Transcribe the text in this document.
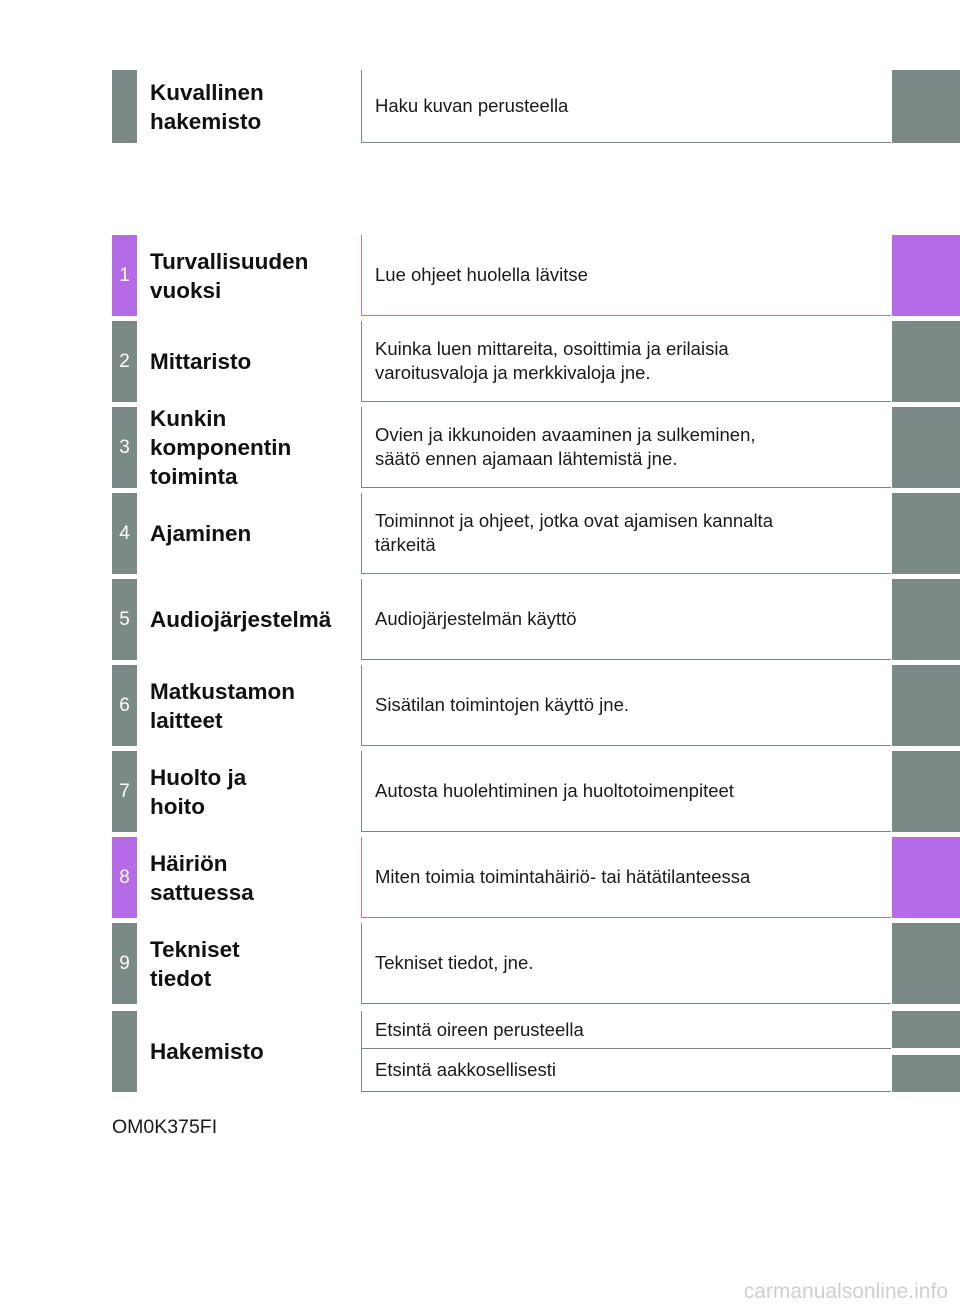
Kuvallinen
hakemisto
Haku kuvan perusteella
1
Turvallisuuden
vuoksi
Lue ohjeet huolella lävitse
2 Mittaristo
Kuinka luen mittareita, osoittimia ja erilaisia
varoitusvaloja ja merkkivaloja jne.
3
Kunkin
komponentin
toiminta
Ovien ja ikkunoiden avaaminen ja sulkeminen,
säätö ennen ajamaan lähtemistä jne.
4 Ajaminen
Toiminnot ja ohjeet, jotka ovat ajamisen kannalta
tärkeitä
5 Audiojärjestelmä	Audiojärjestelmän käyttö
6
Matkustamon
laitteet
Sisätilan toimintojen käyttö jne.
7
Huolto ja
hoito
Autosta huolehtiminen ja huoltotoimenpiteet
8
Häiriön
sattuessa
Miten toimia toimintahäiriö- tai hätätilanteessa
9
Tekniset
tiedot
Tekniset tiedot, jne.
Hakemisto
Etsintä oireen perusteella
Etsintä aakkosellisesti
OM0K375FI
carmanualsonline.info
